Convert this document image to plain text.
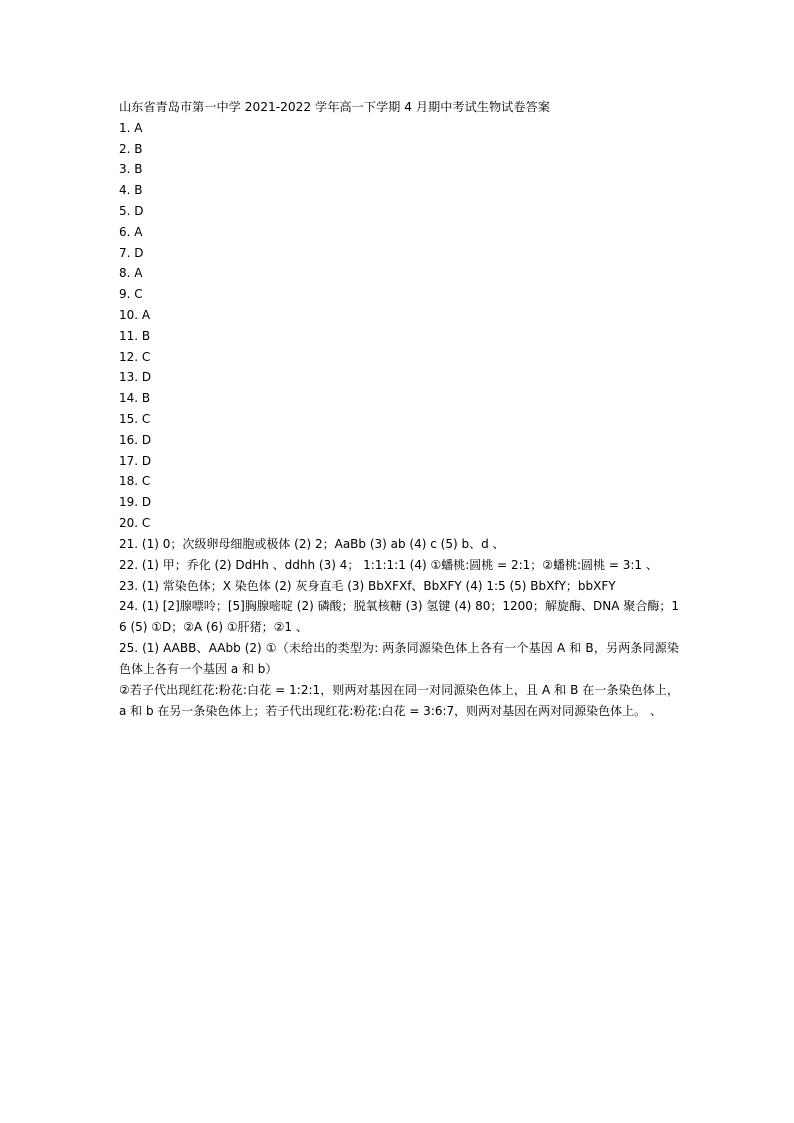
山东省青岛市第一中学 2021-2022 学年高一下学期 4 月期中考试生物试卷答案
1. A
2. B
3. B
4. B
5. D
6. A
7. D
8. A
9. C
10. A
11. B
12. C
13. D
14. B
15. C
16. D
17. D
18. C
19. D
20. C
21. (1) 0；次级卵母细胞或极体 (2) 2；AaBb (3) ab (4) c (5) b、d 、
22. (1) 甲；乔化 (2) DdHh 、ddhh (3) 4； 1:1:1:1 (4) ①蟠桃:圆桃 = 2:1；②蟠桃:圆桃 = 3:1 、
23. (1) 常染色体；X 染色体 (2) 灰身直毛 (3) BbXFXf、BbXFY (4) 1:5 (5) BbXfY；bbXFY
24. (1) [2]腺嘌呤；[5]胸腺嘧啶 (2) 磷酸；脱氧核糖 (3) 氢键 (4) 80；1200；解旋酶、DNA 聚合酶；16 (5) ①D；②A (6) ①肝猪；②1 、
25. (1) AABB、AAbb (2) ①（未给出的类型为: 两条同源染色体上各有一个基因 A 和 B，另两条同源染色体上各有一个基因 a 和 b）
②若子代出现红花:粉花:白花 = 1:2:1，则两对基因在同一对同源染色体上，且 A 和 B 在一条染色体上，a 和 b 在另一条染色体上；若子代出现红花:粉花:白花 = 3:6:7，则两对基因在两对同源染色体上。 、
